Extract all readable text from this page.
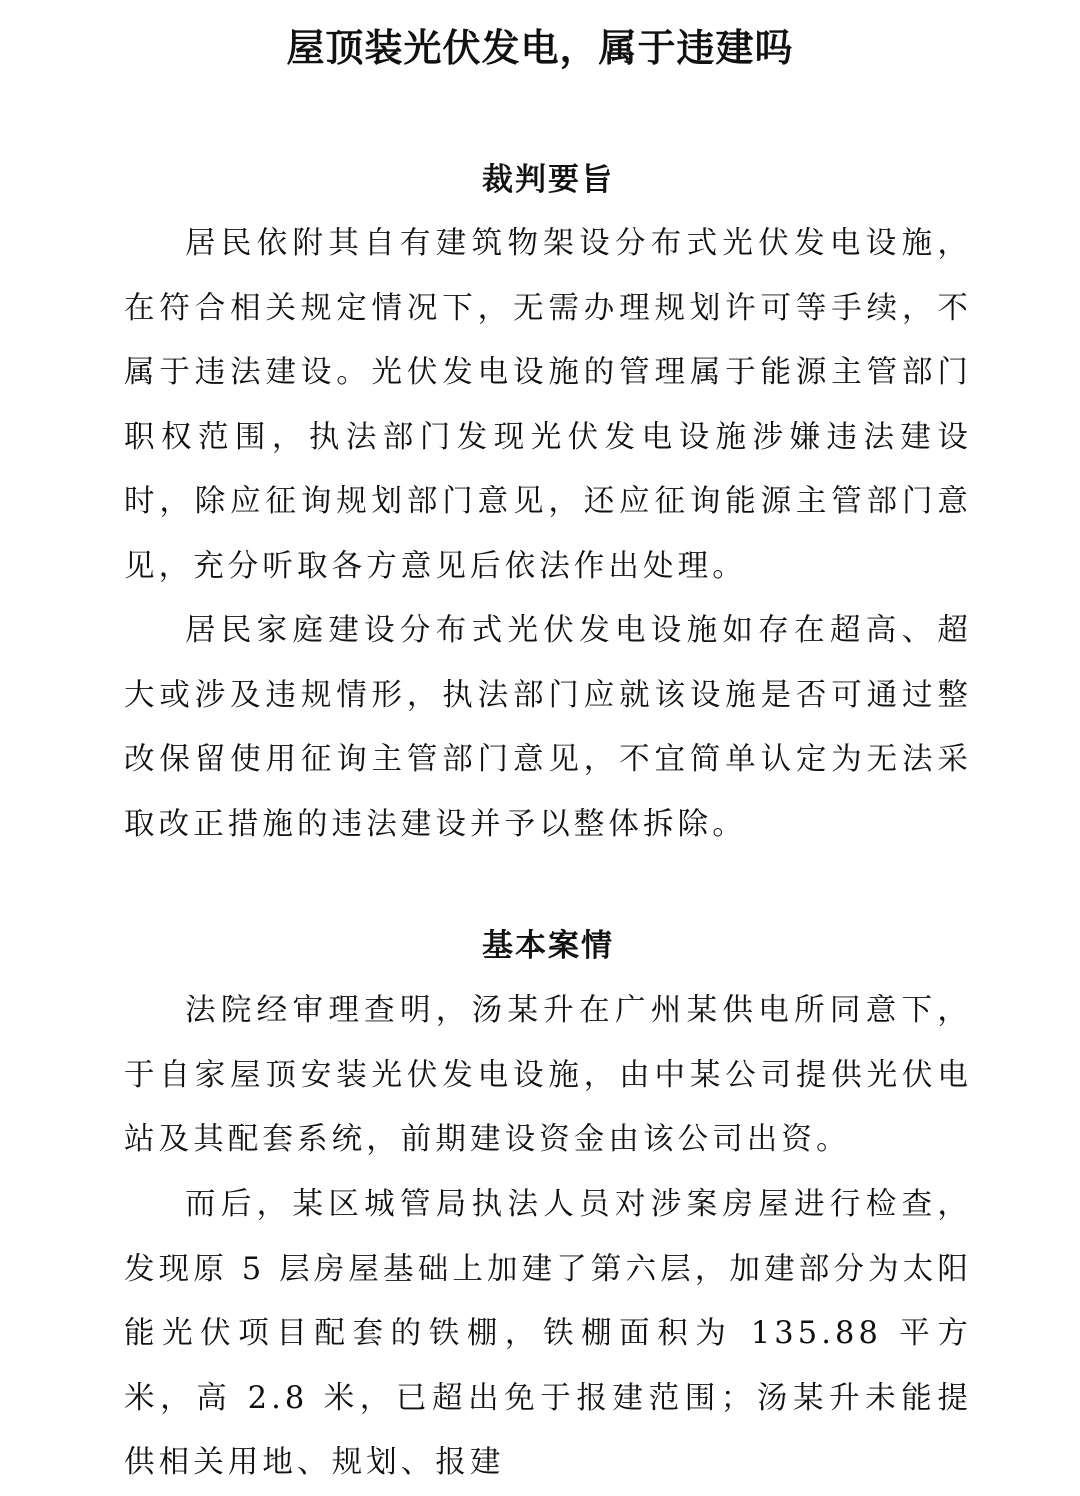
屋顶装光伏发电，属于违建吗
裁判要旨

居民依附其自有建筑物架设分布式光伏发电设施，在符合相关规定情况下，无需办理规划许可等手续，不属于违法建设。光伏发电设施的管理属于能源主管部门职权范围，执法部门发现光伏发电设施涉嫌违法建设时，除应征询规划部门意见，还应征询能源主管部门意见，充分听取各方意见后依法作出处理。

居民家庭建设分布式光伏发电设施如存在超高、超大或涉及违规情形，执法部门应就该设施是否可通过整改保留使用征询主管部门意见，不宜简单认定为无法采取改正措施的违法建设并予以整体拆除。

基本案情

法院经审理查明，汤某升在广州某供电所同意下，于自家屋顶安装光伏发电设施，由中某公司提供光伏电站及其配套系统，前期建设资金由该公司出资。

而后，某区城管局执法人员对涉案房屋进行检查，发现原 5 层房屋基础上加建了第六层，加建部分为太阳能光伏项目配套的铁棚，铁棚面积为 135.88 平方米，高 2.8 米，已超出免于报建范围；汤某升未能提供相关用地、规划、报建
